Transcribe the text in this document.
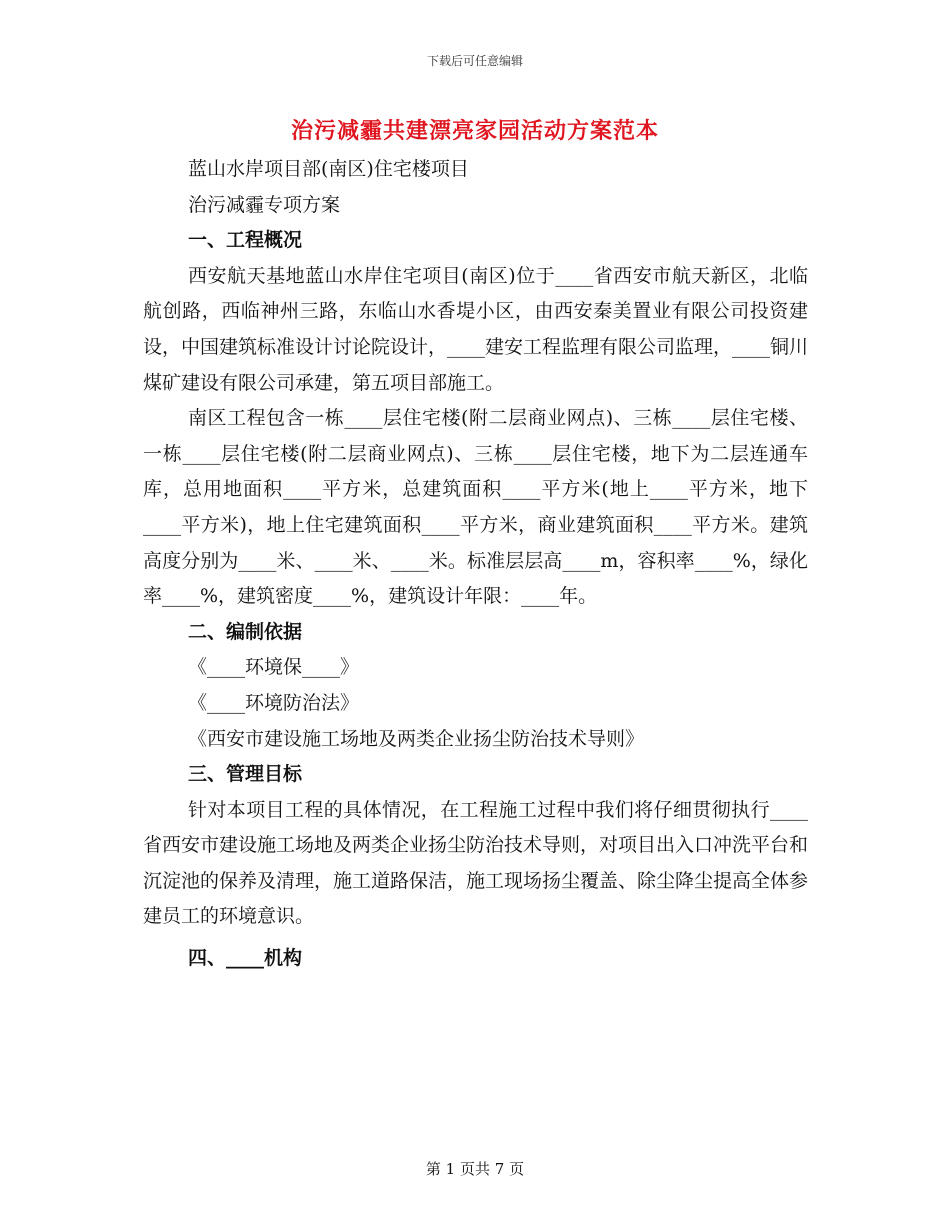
下载后可任意编辑
治污减霾共建漂亮家园活动方案范本

蓝山水岸项目部(南区)住宅楼项目

治污减霾专项方案

一、工程概况

西安航天基地蓝山水岸住宅项目(南区)位于____省西安市航天新区，北临航创路，西临神州三路，东临山水香堤小区，由西安秦美置业有限公司投资建设，中国建筑标准设计讨论院设计，____建安工程监理有限公司监理，____铜川煤矿建设有限公司承建，第五项目部施工。

南区工程包含一栋____层住宅楼(附二层商业网点)、三栋____层住宅楼、一栋____层住宅楼(附二层商业网点)、三栋____层住宅楼，地下为二层连通车库，总用地面积____平方米，总建筑面积____平方米(地上____平方米，地下____平方米)，地上住宅建筑面积____平方米，商业建筑面积____平方米。建筑高度分别为____米、____米、____米。标准层层高____m，容积率____%，绿化率____%，建筑密度____%，建筑设计年限：____年。

二、编制依据

《____环境保____》

《____环境防治法》

《西安市建设施工场地及两类企业扬尘防治技术导则》

三、管理目标

针对本项目工程的具体情况，在工程施工过程中我们将仔细贯彻执行____省西安市建设施工场地及两类企业扬尘防治技术导则，对项目出入口冲洗平台和沉淀池的保养及清理，施工道路保洁，施工现场扬尘覆盖、除尘降尘提高全体参建员工的环境意识。

四、____机构

第 1 页共 7 页
